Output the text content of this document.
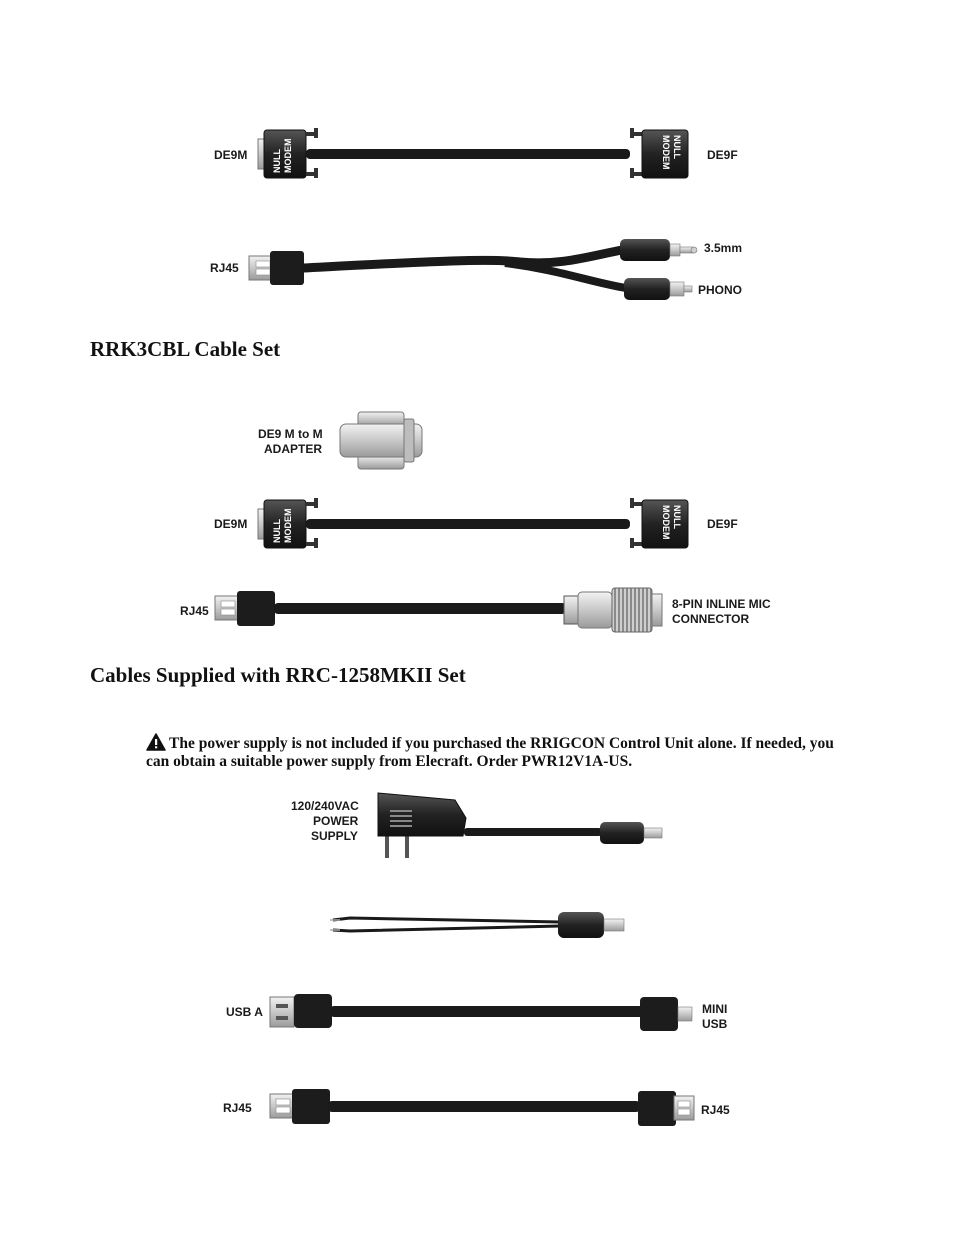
DE9M	NULL MODEM	NULL
MODEM	DE9F
RJ45
3.5mm
PHONO
DE9 M to M
ADAPTER
DE9M	NULL MODEM	NULL
MODEM	DE9F
RJ45	8-PIN INLINE MIC
CONNECTOR
120/240VAC
POWER
SUPPLY
USB A	MINI
USB
RJ45	RJ45
RRK3CBL Cable Set
Cables Supplied with RRC-1258MKII Set
The power supply is not included if you purchased the RRIGCON Control Unit alone. If needed, you can obtain a suitable power supply from Elecraft. Order PWR12V1A-US.
